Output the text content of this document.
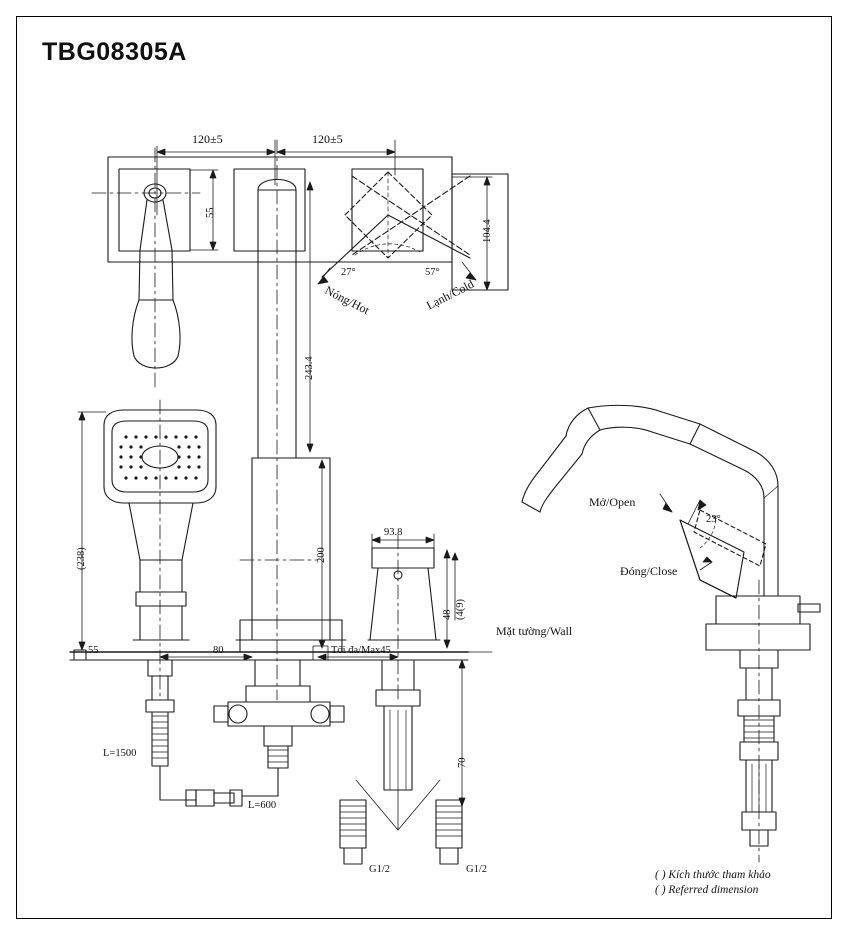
TBG08305A
120±5	120±5
55
104.4
243.4
200
48 (4(9)
(238)
70
93.8
55	80	Tối đa/Max45
L=1500
L=600
G1/2	G1/2
27°	57°
23°
Nóng/Hot	Lạnh/Cold
Mặt tường/Wall
Mở/Open
Đóng/Close
( ) Kích thước tham khảo
( ) Referred dimension
